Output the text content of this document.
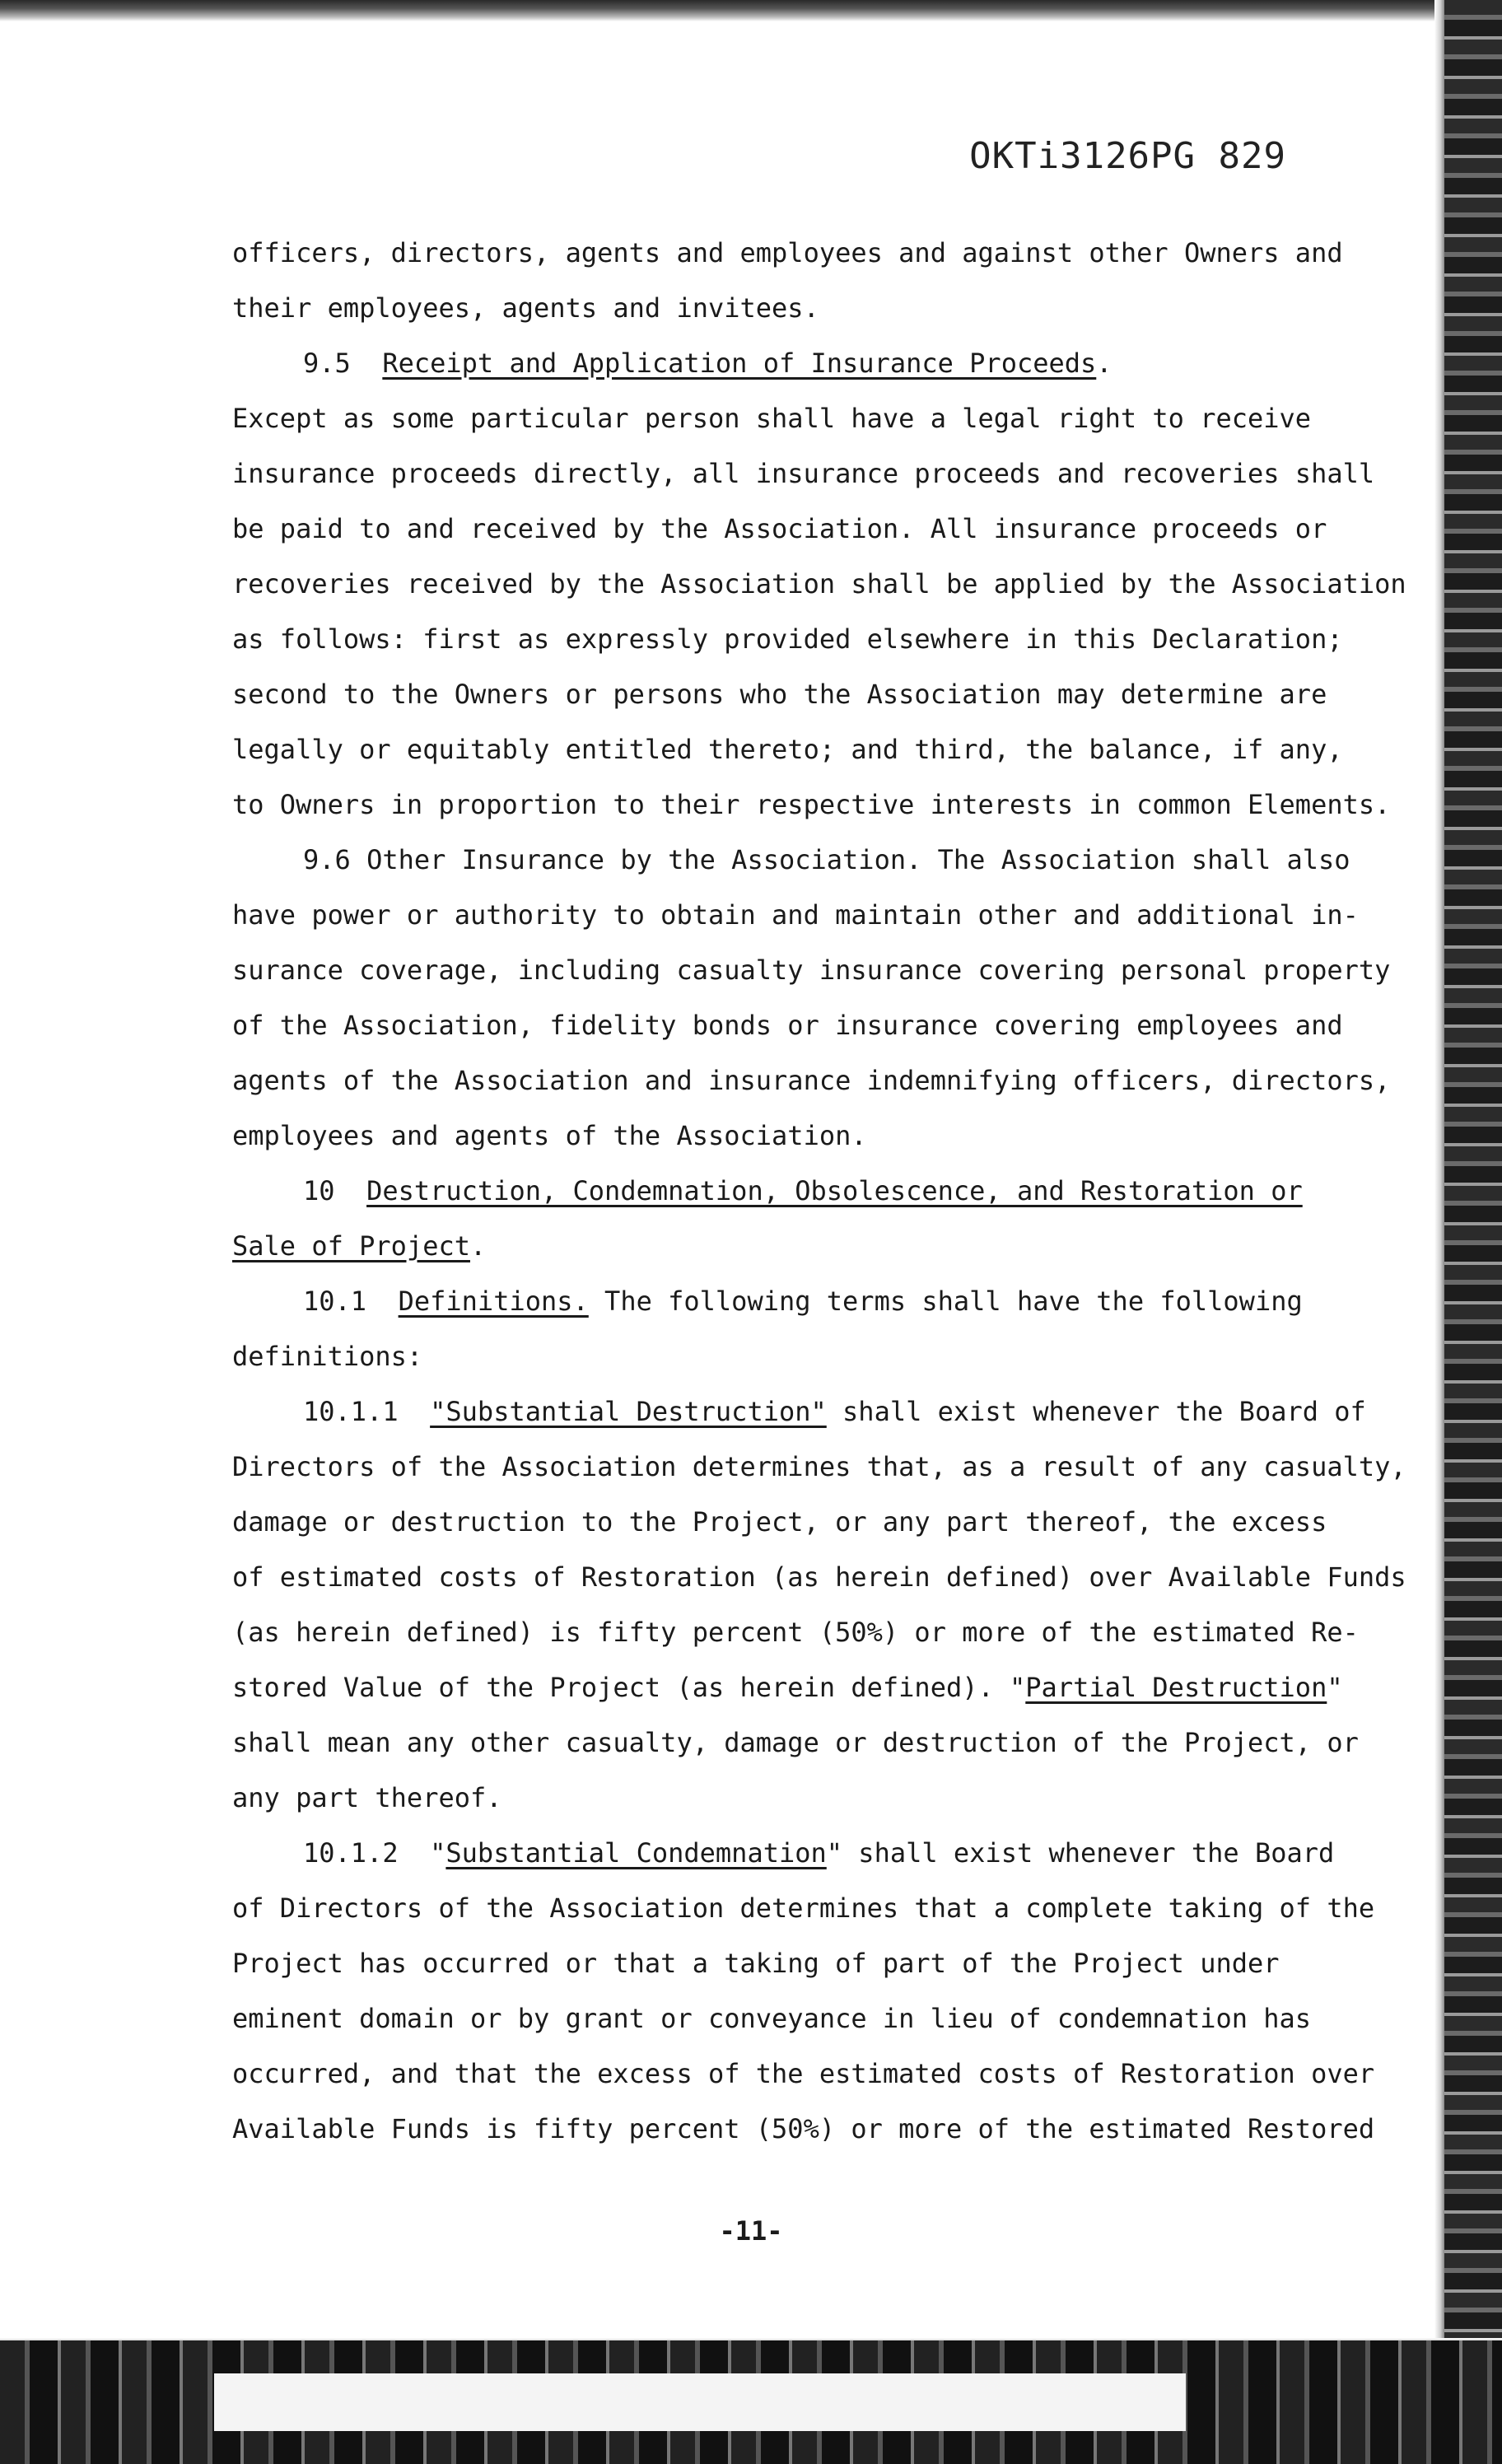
OKTi3126PG 829

officers, directors, agents and employees and against other Owners and

their employees, agents and invitees.

9.5 Receipt and Application of Insurance Proceeds.

Except as some particular person shall have a legal right to receive

insurance proceeds directly, all insurance proceeds and recoveries shall

be paid to and received by the Association. All insurance proceeds or

recoveries received by the Association shall be applied by the Association

as follows: first as expressly provided elsewhere in this Declaration;

second to the Owners or persons who the Association may determine are

legally or equitably entitled thereto; and third, the balance, if any,

to Owners in proportion to their respective interests in common Elements.

9.6 Other Insurance by the Association. The Association shall also

have power or authority to obtain and maintain other and additional in-

surance coverage, including casualty insurance covering personal property

of the Association, fidelity bonds or insurance covering employees and

agents of the Association and insurance indemnifying officers, directors,

employees and agents of the Association.

10 Destruction, Condemnation, Obsolescence, and Restoration or

Sale of Project.

10.1 Definitions. The following terms shall have the following

definitions:

10.1.1 "Substantial Destruction" shall exist whenever the Board of

Directors of the Association determines that, as a result of any casualty,

damage or destruction to the Project, or any part thereof, the excess

of estimated costs of Restoration (as herein defined) over Available Funds

(as herein defined) is fifty percent (50%) or more of the estimated Re-

stored Value of the Project (as herein defined). "Partial Destruction"

shall mean any other casualty, damage or destruction of the Project, or

any part thereof.

10.1.2 "Substantial Condemnation" shall exist whenever the Board

of Directors of the Association determines that a complete taking of the

Project has occurred or that a taking of part of the Project under

eminent domain or by grant or conveyance in lieu of condemnation has

occurred, and that the excess of the estimated costs of Restoration over

Available Funds is fifty percent (50%) or more of the estimated Restored

-11-
